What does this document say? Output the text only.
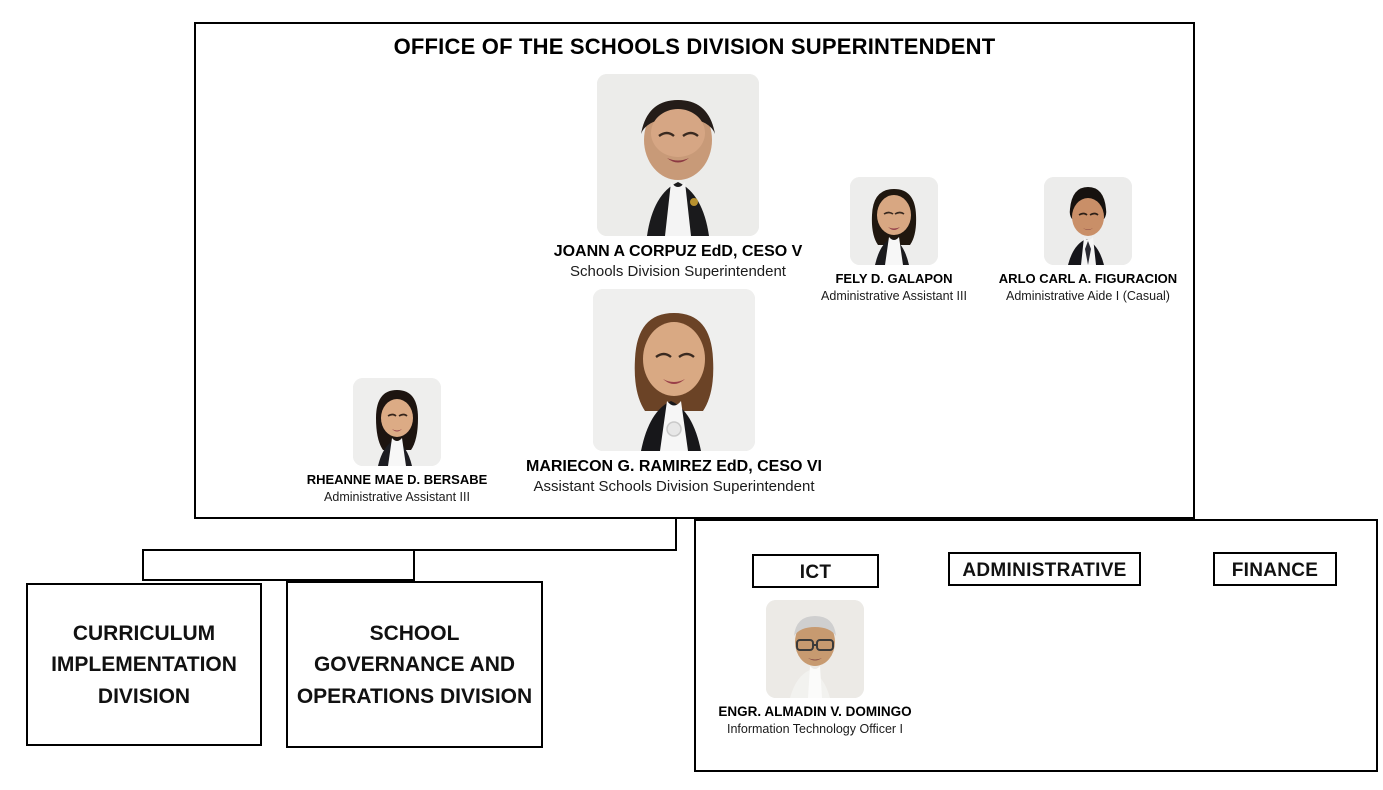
OFFICE OF THE SCHOOLS DIVISION SUPERINTENDENT
JOANN A CORPUZ EdD, CESO V
Schools Division Superintendent
MARIECON G. RAMIREZ EdD, CESO VI
Assistant Schools Division Superintendent
FELY D. GALAPON
Administrative Assistant III
ARLO CARL A. FIGURACION
Administrative Aide I (Casual)
RHEANNE MAE D. BERSABE
Administrative Assistant III
CURRICULUM IMPLEMENTATION DIVISION
SCHOOL GOVERNANCE AND OPERATIONS DIVISION
ICT	ADMINISTRATIVE	FINANCE
ENGR. ALMADIN V. DOMINGO
Information Technology Officer I
